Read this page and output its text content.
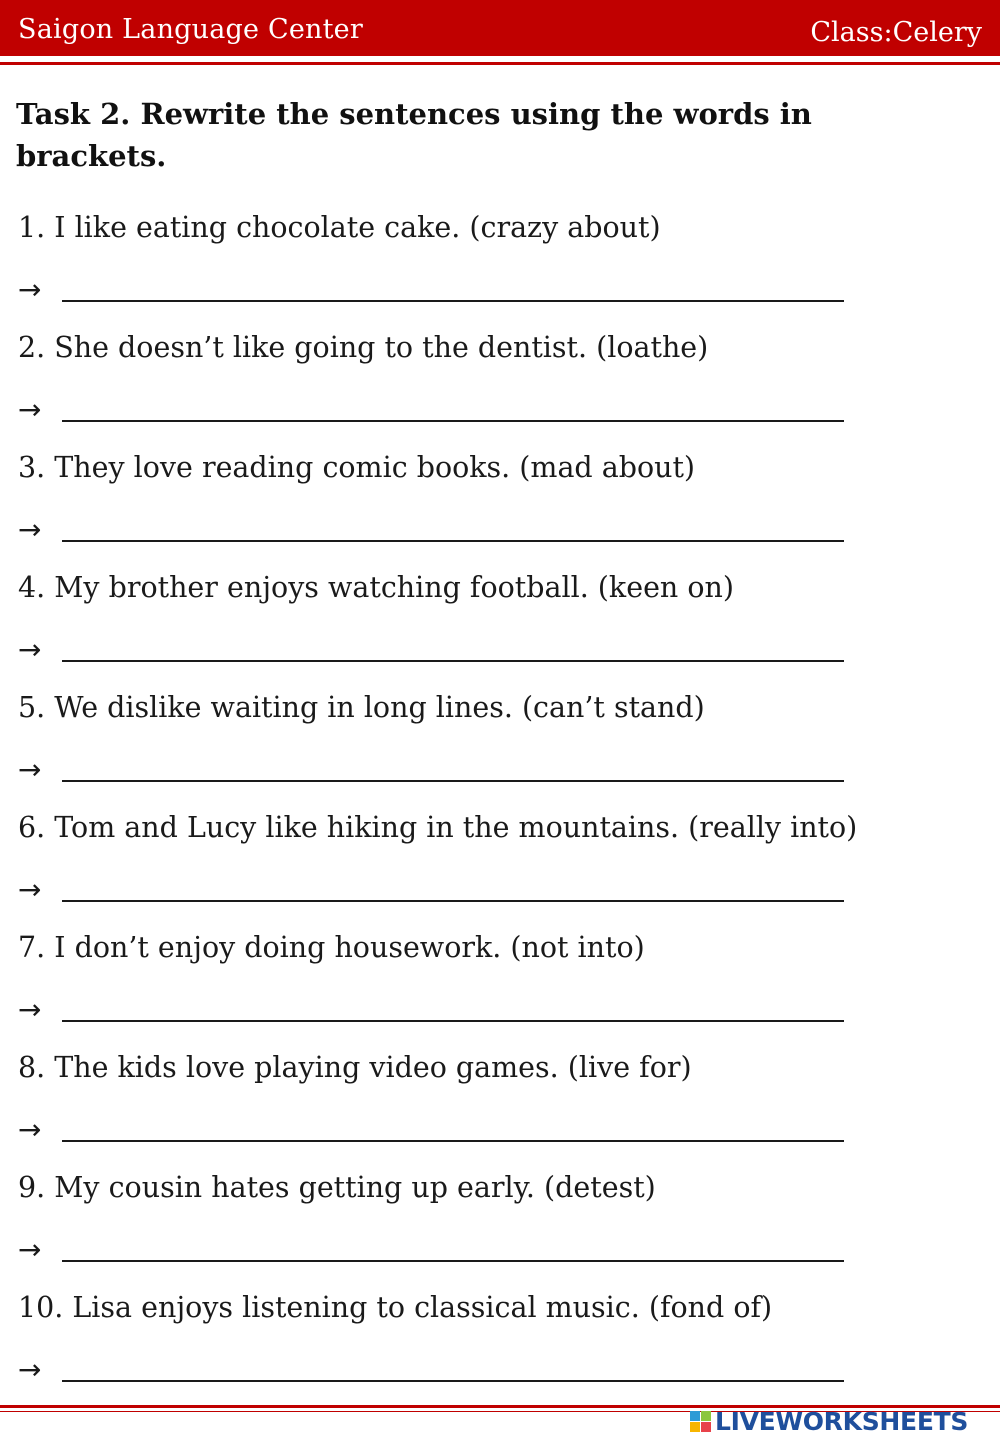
Saigon Language Center	Class:Celery
Task 2. Rewrite the sentences using the words in brackets.
1. I like eating chocolate cake. (crazy about)
→
2. She doesn’t like going to the dentist. (loathe)
→
3. They love reading comic books. (mad about)
→
4. My brother enjoys watching football. (keen on)
→
5. We dislike waiting in long lines. (can’t stand)
→
6. Tom and Lucy like hiking in the mountains. (really into)
→
7. I don’t enjoy doing housework. (not into)
→
8. The kids love playing video games. (live for)
→
9. My cousin hates getting up early. (detest)
→
10. Lisa enjoys listening to classical music. (fond of)
→
LIVEWORKSHEETS
